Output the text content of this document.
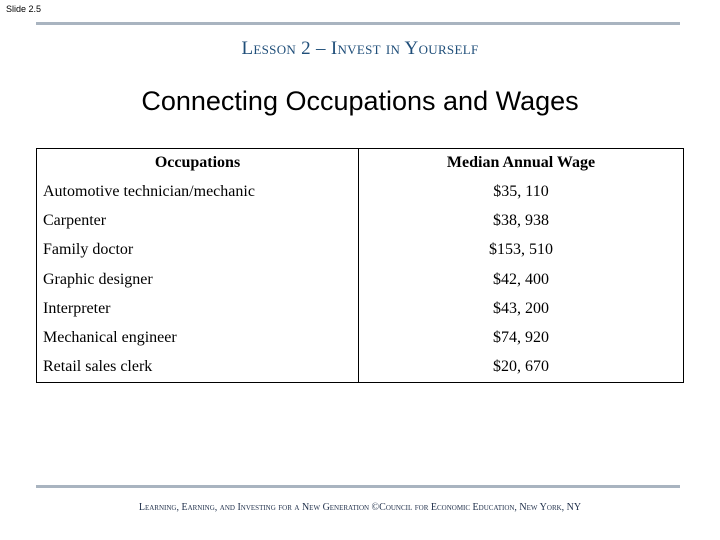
Slide 2.5
Lesson 2 – Invest in Yourself
Connecting Occupations and Wages
Occupations	Median Annual Wage
Automotive technician/mechanic	$35, 110
Carpenter	$38, 938
Family doctor	$153, 510
Graphic designer	$42, 400
Interpreter	$43, 200
Mechanical engineer	$74, 920
Retail sales clerk	$20, 670
Learning, Earning, and Investing for a New Generation ©Council for Economic Education, New York, NY
